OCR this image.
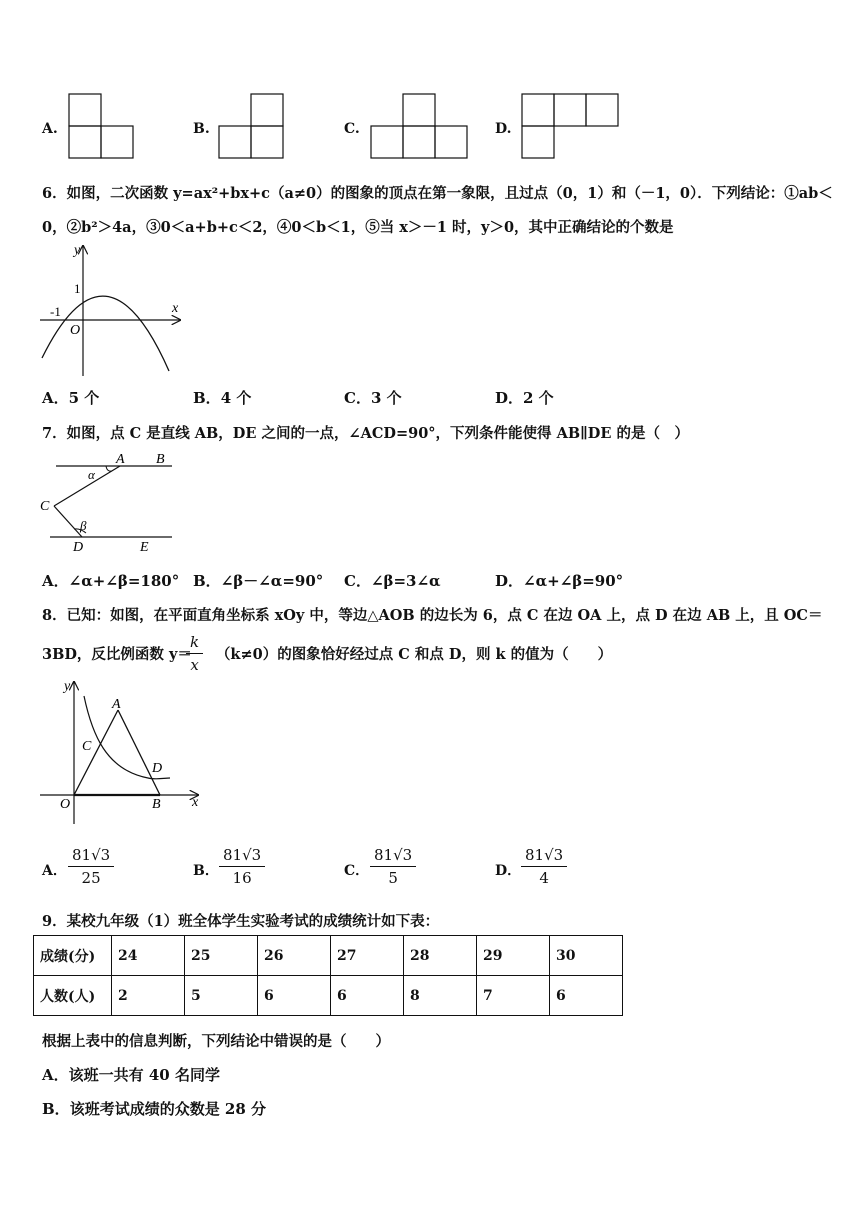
A.	B.	C.	D.
6．如图，二次函数 y=ax²+bx+c（a≠0）的图象的顶点在第一象限，且过点（0，1）和（－1，0）．下列结论：①ab＜
0，②b²＞4a，③0＜a+b+c＜2，④0＜b＜1，⑤当 x＞－1 时，y＞0，其中正确结论的个数是
y
x
1
-1
O
A．5 个	B．4 个	C．3 个	D．2 个
7．如图，点 C 是直线 AB，DE 之间的一点，∠ACD=90°，下列条件能使得 AB∥DE 的是（　）
A B
C
D	E
α
β
A．∠α+∠β=180° B．∠β－∠α=90° C．∠β=3∠α	D．∠α+∠β=90°
8．已知：如图，在平面直角坐标系 xOy 中，等边△AOB 的边长为 6，点 C 在边 OA 上，点 D 在边 AB 上，且 OC＝
3BD，反比例函数 y＝ （k≠0）的图象恰好经过点 C 和点 D，则 k 的值为（　　）
$\frac{k}{x}$
y
x
O
A
B
C
D
A． $\frac{81√3}{25}$	B． $\frac{81√3}{16}$	C． $\frac{81√3}{5}$	D． $\frac{81√3}{4}$
9．某校九年级（1）班全体学生实验考试的成绩统计如下表：
成绩(分)	24	25	26	27	28	29	30
人数(人)	2	5	6	6	8	7	6
根据上表中的信息判断，下列结论中错误的是（　　）
A．该班一共有 40 名同学
B．该班考试成绩的众数是 28 分
